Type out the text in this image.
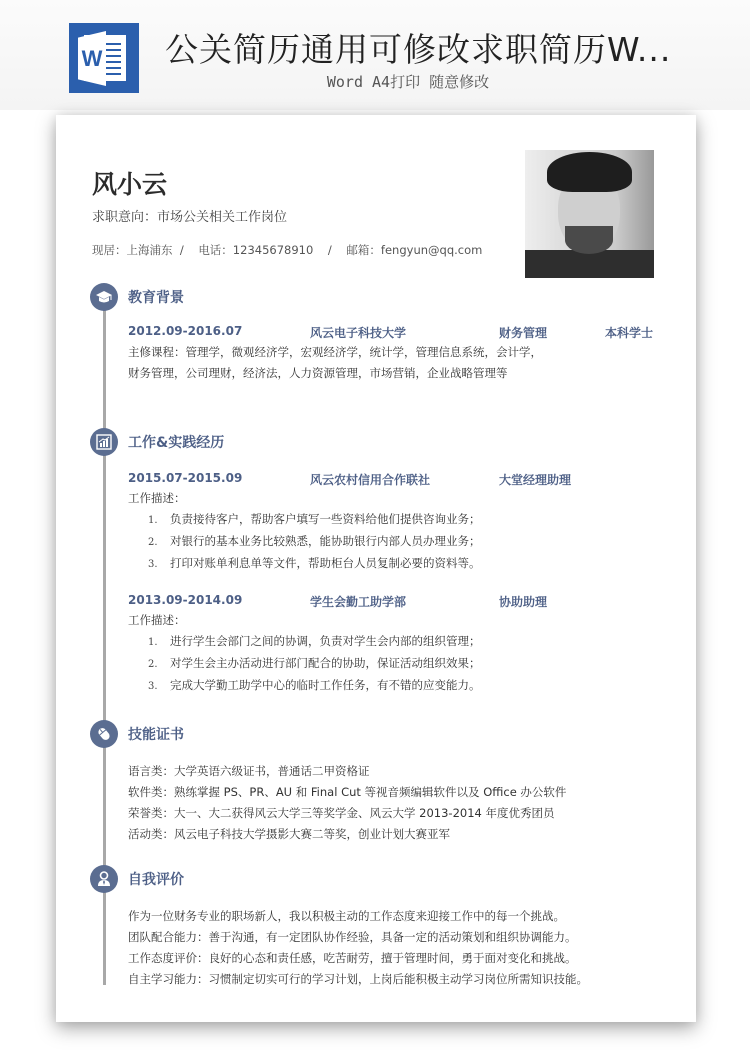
W 公关简历通用可修改求职简历W...
Word A4打印 随意修改
风小云
求职意向：市场公关相关工作岗位
现居：上海浦东 / 电话：12345678910 / 邮箱：fengyun@qq.com
教育背景
2012.09-2016.07	风云电子科技大学	财务管理	本科学士
主修课程：管理学，微观经济学，宏观经济学，统计学，管理信息系统，会计学，
财务管理，公司理财，经济法，人力资源管理，市场营销，企业战略管理等
工作&实践经历
2015.07-2015.09	风云农村信用合作联社	大堂经理助理
工作描述：
1. 负责接待客户，帮助客户填写一些资料给他们提供咨询业务；
2. 对银行的基本业务比较熟悉，能协助银行内部人员办理业务；
3. 打印对账单利息单等文件，帮助柜台人员复制必要的资料等。
2013.09-2014.09	学生会勤工助学部	协助助理
工作描述：
1. 进行学生会部门之间的协调，负责对学生会内部的组织管理；
2. 对学生会主办活动进行部门配合的协助，保证活动组织效果；
3. 完成大学勤工助学中心的临时工作任务，有不错的应变能力。
技能证书
语言类：大学英语六级证书，普通话二甲资格证
软件类：熟练掌握 PS、PR、AU 和 Final Cut 等视音频编辑软件以及 Office 办公软件
荣誉类：大一、大二获得风云大学三等奖学金、风云大学 2013-2014 年度优秀团员
活动类：风云电子科技大学摄影大赛二等奖，创业计划大赛亚军
自我评价
作为一位财务专业的职场新人，我以积极主动的工作态度来迎接工作中的每一个挑战。
团队配合能力：善于沟通，有一定团队协作经验，具备一定的活动策划和组织协调能力。
工作态度评价：良好的心态和责任感，吃苦耐劳，擅于管理时间，勇于面对变化和挑战。
自主学习能力：习惯制定切实可行的学习计划，上岗后能积极主动学习岗位所需知识技能。
